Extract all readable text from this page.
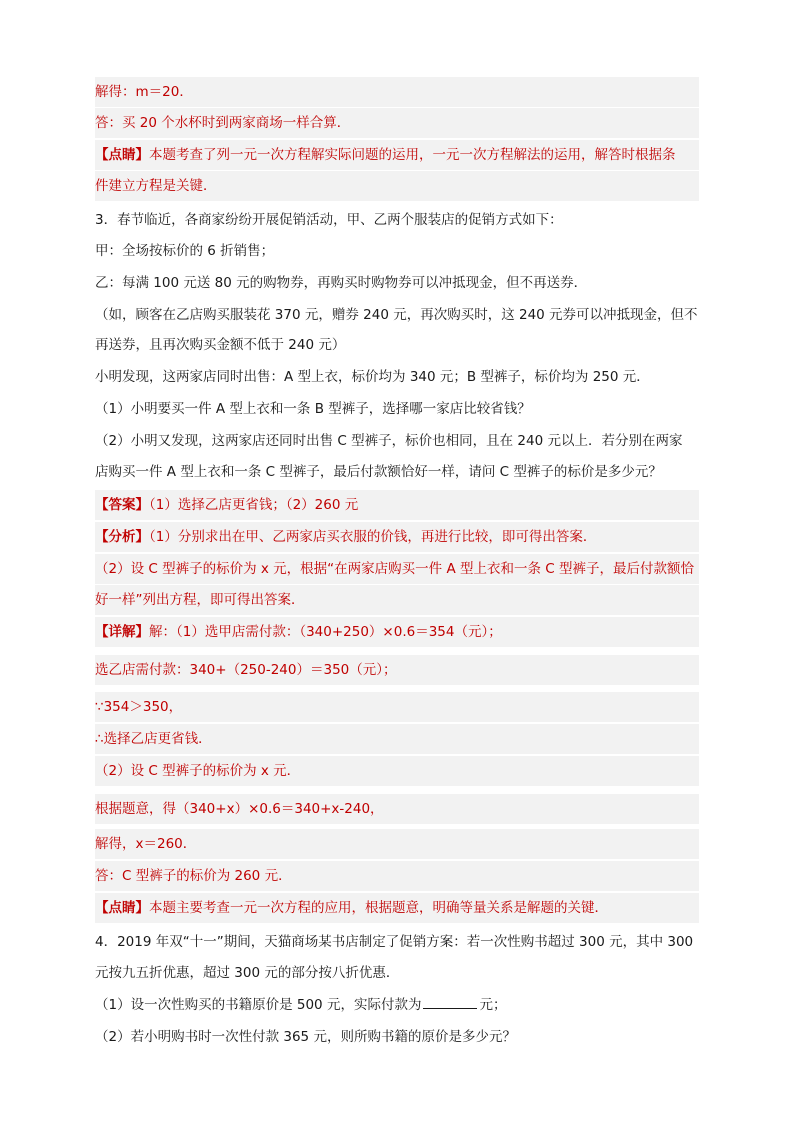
解得：m＝20．
答：买 20 个水杯时到两家商场一样合算．
【点睛】本题考查了列一元一次方程解实际问题的运用，一元一次方程解法的运用，解答时根据条
件建立方程是关键．
3．春节临近，各商家纷纷开展促销活动，甲、乙两个服装店的促销方式如下：
甲：全场按标价的 6 折销售；
乙：每满 100 元送 80 元的购物券，再购买时购物券可以冲抵现金，但不再送券．
（如，顾客在乙店购买服装花 370 元，赠券 240 元，再次购买时，这 240 元券可以冲抵现金，但不
再送券，且再次购买金额不低于 240 元）
小明发现，这两家店同时出售：A 型上衣，标价均为 340 元；B 型裤子，标价均为 250 元．
（1）小明要买一件 A 型上衣和一条 B 型裤子，选择哪一家店比较省钱？
（2）小明又发现，这两家店还同时出售 C 型裤子，标价也相同，且在 240 元以上．若分别在两家
店购买一件 A 型上衣和一条 C 型裤子，最后付款额恰好一样，请问 C 型裤子的标价是多少元？
【答案】（1）选择乙店更省钱；（2）260 元
【分析】（1）分别求出在甲、乙两家店买衣服的价钱，再进行比较，即可得出答案．
（2）设 C 型裤子的标价为 x 元，根据“在两家店购买一件 A 型上衣和一条 C 型裤子，最后付款额恰
好一样”列出方程，即可得出答案．
【详解】解：（1）选甲店需付款：（340+250）×0.6＝354（元）；
选乙店需付款：340+（250-240）＝350（元）；
∵354＞350，
∴选择乙店更省钱．
（2）设 C 型裤子的标价为 x 元．
根据题意，得（340+x）×0.6＝340+x-240，
解得，x＝260．
答：C 型裤子的标价为 260 元．
【点睛】本题主要考查一元一次方程的应用，根据题意，明确等量关系是解题的关键．
4．2019 年双“十一”期间，天猫商场某书店制定了促销方案：若一次性购书超过 300 元，其中 300
元按九五折优惠，超过 300 元的部分按八折优惠．
（1）设一次性购买的书籍原价是 500 元，实际付款为	元；
（2）若小明购书时一次性付款 365 元，则所购书籍的原价是多少元？
